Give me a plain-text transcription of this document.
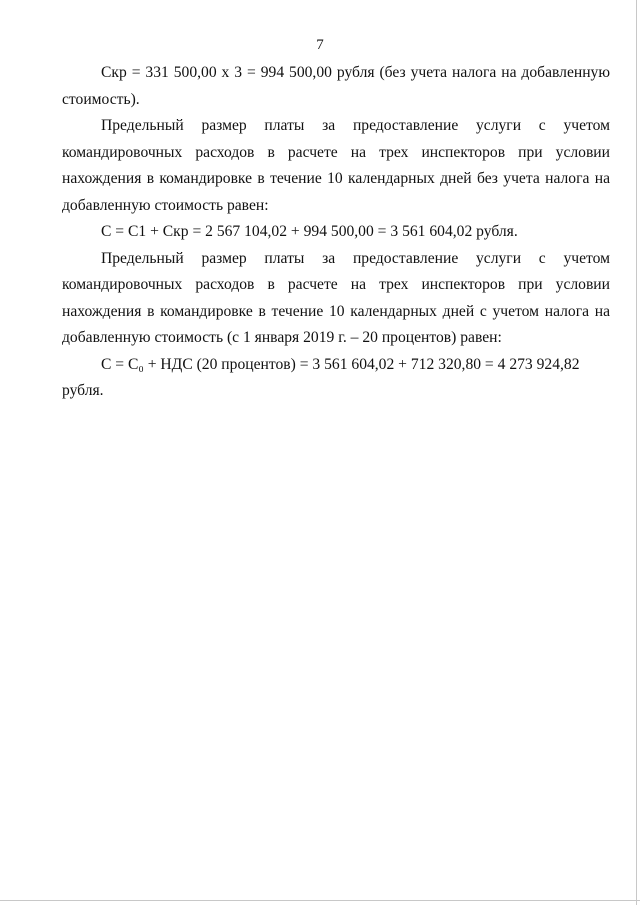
7

Скр = 331 500,00 х 3 = 994 500,00 рубля (без учета налога на добавленную стоимость).

Предельный размер платы за предоставление услуги с учетом командировочных расходов в расчете на трех инспекторов при условии нахождения в командировке в течение 10 календарных дней без учета налога на добавленную стоимость равен:

С = С1 + Скр = 2 567 104,02 + 994 500,00 = 3 561 604,02 рубля.

Предельный размер платы за предоставление услуги с учетом командировочных расходов в расчете на трех инспекторов при условии нахождения в командировке в течение 10 календарных дней с учетом налога на добавленную стоимость (с 1 января 2019 г. – 20 процентов) равен:

С = С₀ + НДС (20 процентов) = 3 561 604,02 + 712 320,80 = 4 273 924,82 рубля.
